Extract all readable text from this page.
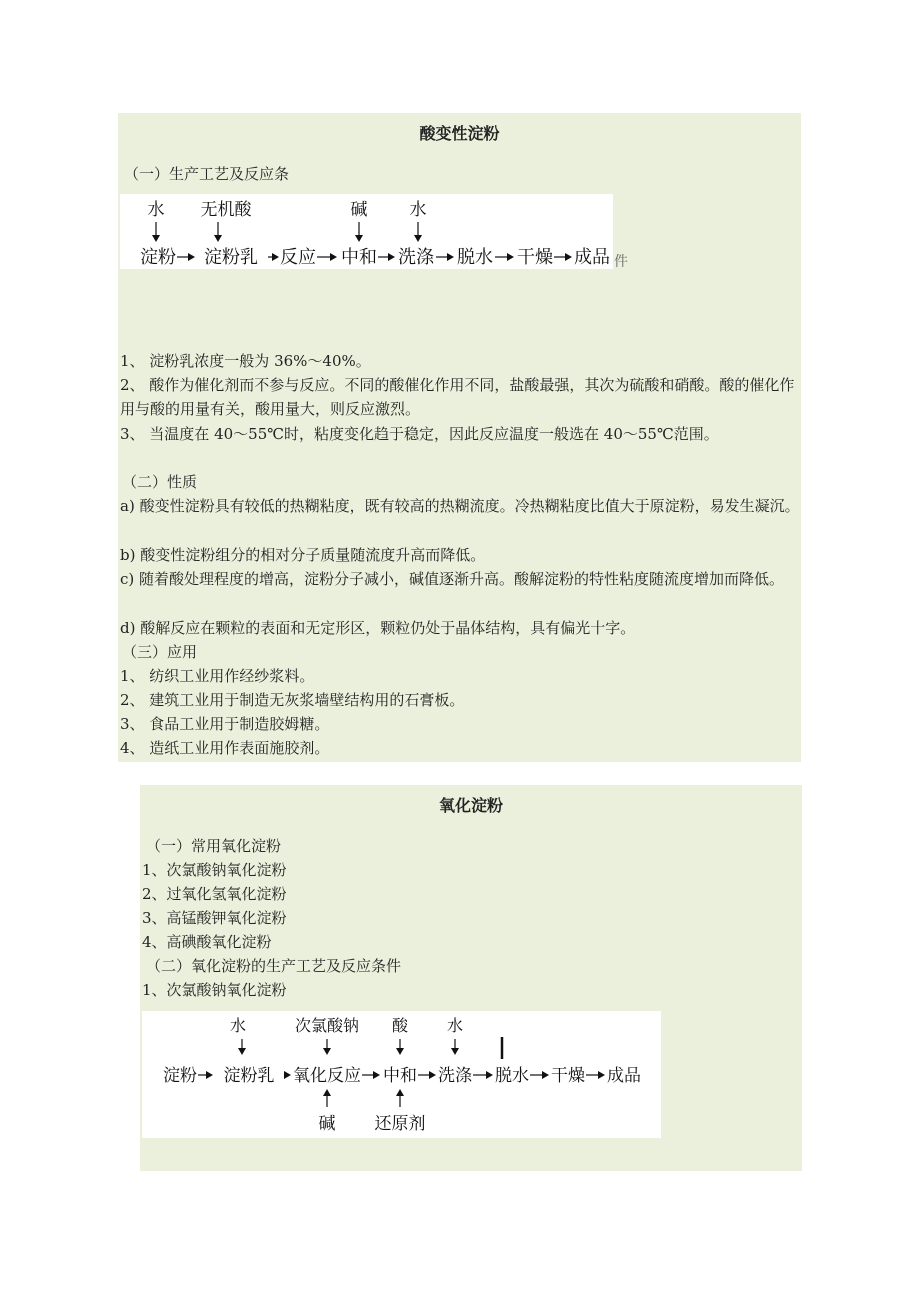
酸变性淀粉
（一）生产工艺及反应条
水 无机酸	碱 水
淀粉 淀粉乳 反应 中和 洗涤 脱水 干燥 成品 件
1、 淀粉乳浓度一般为 36%～40%。
2、 酸作为催化剂而不参与反应。不同的酸催化作用不同，盐酸最强，其次为硫酸和硝酸。酸的催化作用与酸的用量有关，酸用量大，则反应激烈。
3、 当温度在 40～55℃时，粘度变化趋于稳定，因此反应温度一般选在 40～55℃范围。
（二）性质
a) 酸变性淀粉具有较低的热糊粘度，既有较高的热糊流度。冷热糊粘度比值大于原淀粉，易发生凝沉。
b) 酸变性淀粉组分的相对分子质量随流度升高而降低。
c) 随着酸处理程度的增高，淀粉分子减小，碱值逐渐升高。酸解淀粉的特性粘度随流度增加而降低。
d) 酸解反应在颗粒的表面和无定形区，颗粒仍处于晶体结构，具有偏光十字。
（三）应用
1、 纺织工业用作经纱浆料。
2、 建筑工业用于制造无灰浆墙壁结构用的石膏板。
3、 食品工业用于制造胶姆糖。
4、 造纸工业用作表面施胶剂。
氧化淀粉
（一）常用氧化淀粉
1、次氯酸钠氧化淀粉
2、过氧化氢氧化淀粉
3、高锰酸钾氧化淀粉
4、高碘酸氧化淀粉
（二）氧化淀粉的生产工艺及反应条件
1、次氯酸钠氧化淀粉
水	次氯酸钠 酸 水
淀粉 淀粉乳 氧化反应 中和 洗涤 脱水 干燥 成品
碱 还原剂
